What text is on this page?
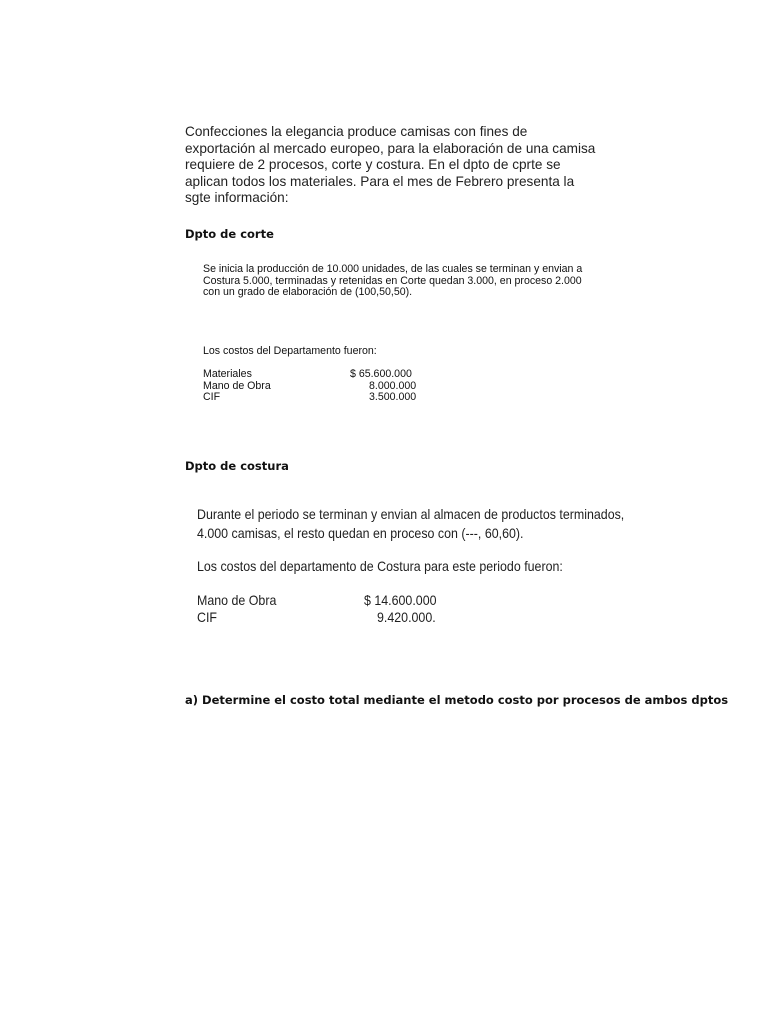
Confecciones la elegancia produce camisas con fines de
exportación al mercado europeo, para la elaboración de una camisa
requiere de 2 procesos, corte y costura. En el dpto de cprte se
aplican todos los materiales. Para el mes de Febrero presenta la
sgte información:

Dpto de corte
Se inicia la producción de 10.000 unidades, de las cuales se terminan y envian a
Costura 5.000, terminadas y retenidas en Corte quedan 3.000, en proceso 2.000
con un grado de elaboración de (100,50,50).
Los costos del Departamento fueron:
Materiales	$ 65.600.000
Mano de Obra	8.000.000
CIF	3.500.000
Dpto de costura
Durante el periodo se terminan y envian al almacen de productos terminados,
4.000 camisas, el resto quedan en proceso con (---, 60,60).
Los costos del departamento de Costura para este periodo fueron:
Mano de Obra	$ 14.600.000
CIF	9.420.000.
a) Determine el costo total mediante el metodo costo por procesos de ambos dptos
